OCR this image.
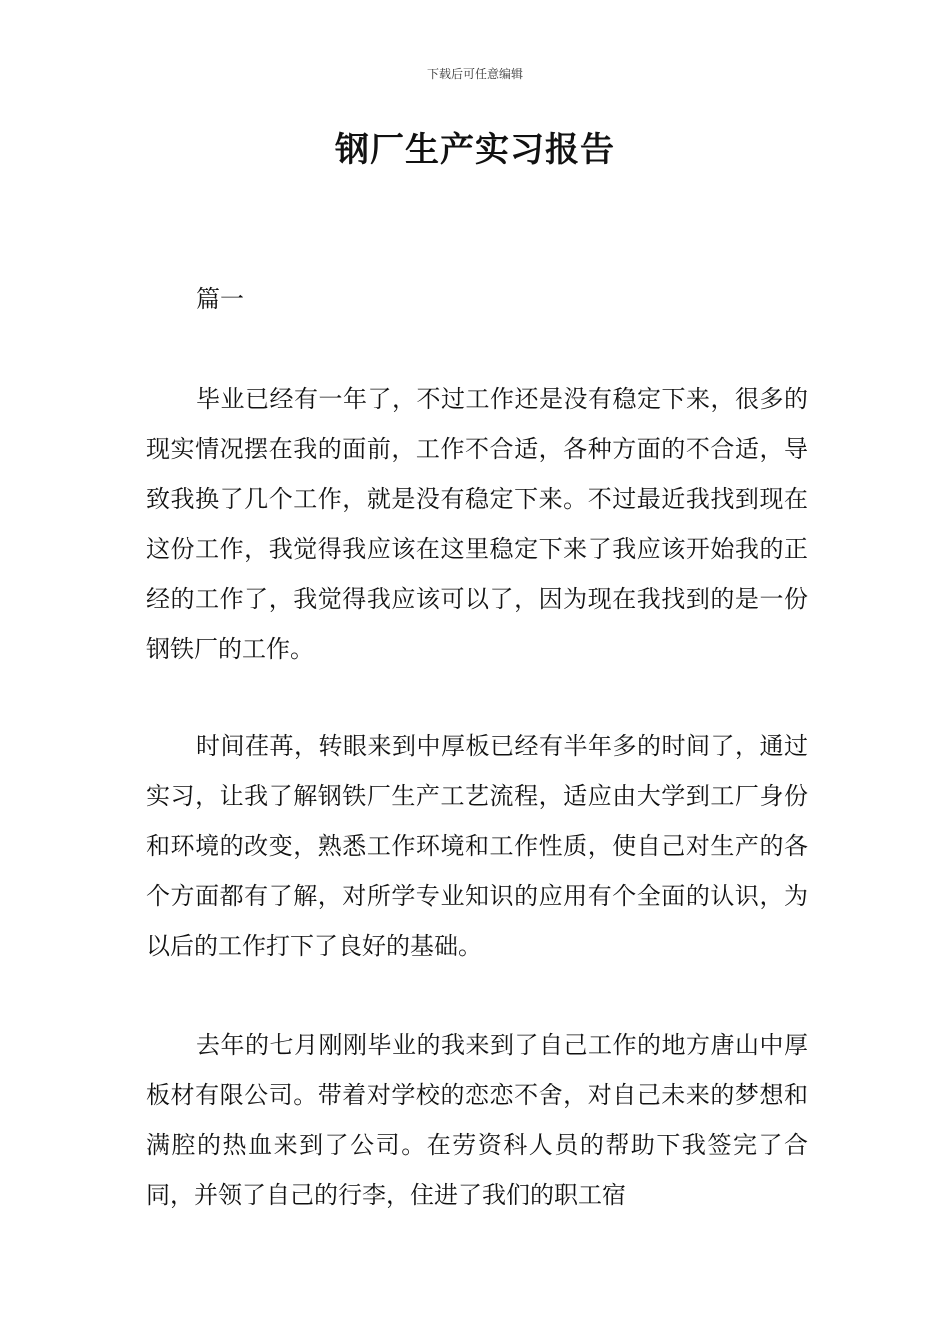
下载后可任意编辑
钢厂生产实习报告
篇一

毕业已经有一年了，不过工作还是没有稳定下来，很多的现实情况摆在我的面前，工作不合适，各种方面的不合适，导致我换了几个工作，就是没有稳定下来。不过最近我找到现在这份工作，我觉得我应该在这里稳定下来了我应该开始我的正经的工作了，我觉得我应该可以了，因为现在我找到的是一份钢铁厂的工作。

时间荏苒，转眼来到中厚板已经有半年多的时间了，通过实习，让我了解钢铁厂生产工艺流程，适应由大学到工厂身份和环境的改变，熟悉工作环境和工作性质，使自己对生产的各个方面都有了解，对所学专业知识的应用有个全面的认识，为以后的工作打下了良好的基础。

去年的七月刚刚毕业的我来到了自己工作的地方唐山中厚板材有限公司。带着对学校的恋恋不舍，对自己未来的梦想和满腔的热血来到了公司。在劳资科人员的帮助下我签完了合同，并领了自己的行李，住进了我们的职工宿
